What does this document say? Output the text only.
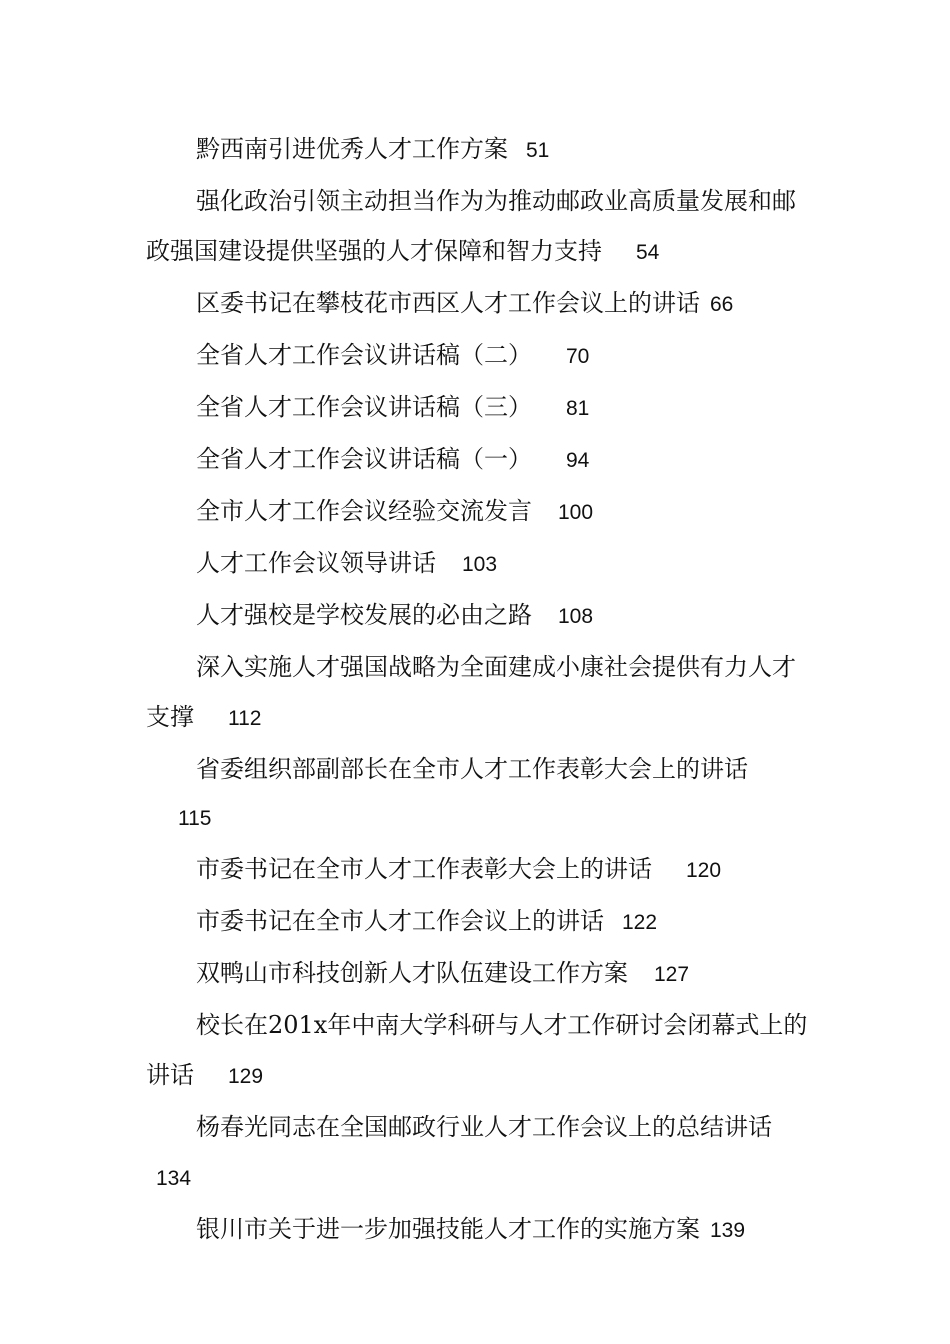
黔西南引进优秀人才工作方案 51

强化政治引领主动担当作为为推动邮政业高质量发展和邮政强国建设提供坚强的人才保障和智力支持 54

区委书记在攀枝花市西区人才工作会议上的讲话 66

全省人才工作会议讲话稿（二） 70

全省人才工作会议讲话稿（三） 81

全省人才工作会议讲话稿（一） 94

全市人才工作会议经验交流发言 100

人才工作会议领导讲话 103

人才强校是学校发展的必由之路 108

深入实施人才强国战略为全面建成小康社会提供有力人才支撑 112

省委组织部副部长在全市人才工作表彰大会上的讲话
115

市委书记在全市人才工作表彰大会上的讲话 120

市委书记在全市人才工作会议上的讲话 122

双鸭山市科技创新人才队伍建设工作方案 127

校长在201x年中南大学科研与人才工作研讨会闭幕式上的讲话 129

杨春光同志在全国邮政行业人才工作会议上的总结讲话134

银川市关于进一步加强技能人才工作的实施方案 139
